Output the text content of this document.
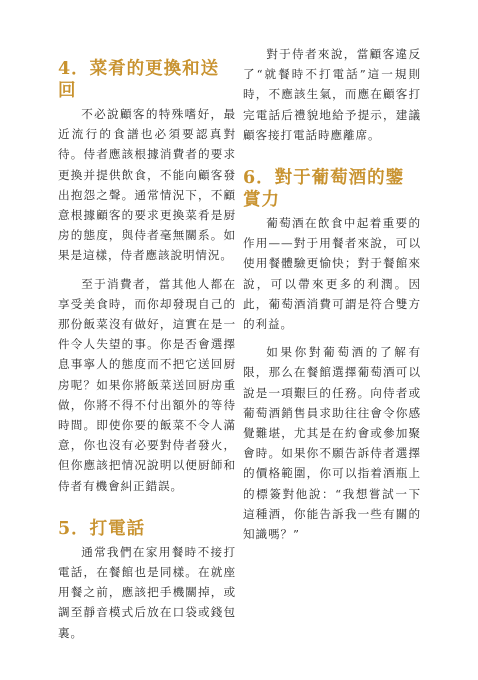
4．菜肴的更換和送回

不必說顧客的特殊嗜好，最近流行的食譜也必須要認真對待。侍者應該根據消費者的要求更換并提供飲食，不能向顧客發出抱怨之聲。通常情況下，不顧意根據顧客的要求更換菜肴是厨房的態度，與侍者毫無關系。如果是這樣，侍者應該說明情況。

至于消費者，當其他人都在享受美食時，而你却發現自己的那份飯菜沒有做好，這實在是一件令人失望的事。你是否會選擇息事寧人的態度而不把它送回厨房呢？如果你將飯菜送回厨房重做，你將不得不付出額外的等待時間。即使你要的飯菜不令人滿意，你也沒有必要對侍者發火，但你應該把情况說明以便厨師和侍者有機會糾正錯誤。

5．打電話

通常我們在家用餐時不接打電話，在餐館也是同樣。在就座用餐之前，應該把手機關掉，或調至靜音模式后放在口袋或錢包裏。

對于侍者來說，當顧客違反了“就餐時不打電話”這一規則時，不應該生氣，而應在顧客打完電話后禮貌地給予提示，建議顧客接打電話時應離席。

6．對于葡萄酒的鑒賞力

葡萄酒在飲食中起着重要的作用——對于用餐者來說，可以使用餐體驗更愉快；對于餐館來說，可以帶來更多的利潤。因此，葡萄酒消費可謂是符合雙方的利益。

如果你對葡萄酒的了解有限，那么在餐館選擇葡萄酒可以說是一項艱巨的任務。向侍者或葡萄酒銷售員求助往往會令你感覺難堪，尤其是在約會或參加聚會時。如果你不願告訴侍者選擇的價格範圍，你可以指着酒瓶上的標簽對他說：“我想嘗試一下這種酒，你能告訴我一些有關的知識嗎？”
